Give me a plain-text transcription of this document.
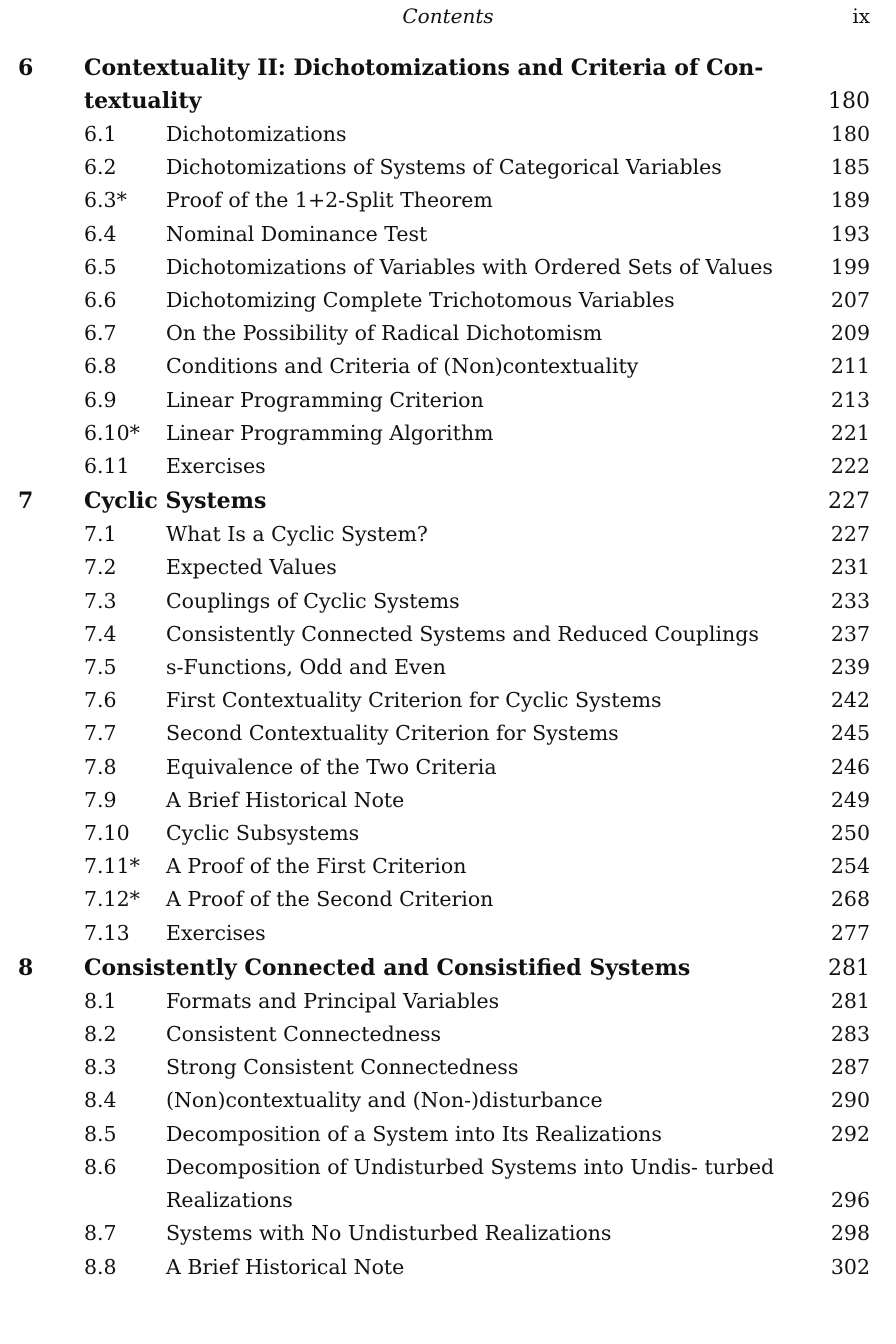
Contents	ix
6 Contextuality II: Dichotomizations and Criteria of Con- textuality	180
6.1 Dichotomizations	180
6.2 Dichotomizations of Systems of Categorical Variables	185
6.3* Proof of the 1+2-Split Theorem	189
6.4 Nominal Dominance Test	193
6.5 Dichotomizations of Variables with Ordered Sets of Values	199
6.6 Dichotomizing Complete Trichotomous Variables	207
6.7 On the Possibility of Radical Dichotomism	209
6.8 Conditions and Criteria of (Non)contextuality	211
6.9 Linear Programming Criterion	213
6.10* Linear Programming Algorithm	221
6.11 Exercises	222
7 Cyclic Systems	227
7.1 What Is a Cyclic System?	227
7.2 Expected Values	231
7.3 Couplings of Cyclic Systems	233
7.4 Consistently Connected Systems and Reduced Couplings	237
7.5 s-Functions, Odd and Even	239
7.6 First Contextuality Criterion for Cyclic Systems	242
7.7 Second Contextuality Criterion for Systems	245
7.8 Equivalence of the Two Criteria	246
7.9 A Brief Historical Note	249
7.10 Cyclic Subsystems	250
7.11* A Proof of the First Criterion	254
7.12* A Proof of the Second Criterion	268
7.13 Exercises	277
8 Consistently Connected and Consistified Systems	281
8.1 Formats and Principal Variables	281
8.2 Consistent Connectedness	283
8.3 Strong Consistent Connectedness	287
8.4 (Non)contextuality and (Non-)disturbance	290
8.5 Decomposition of a System into Its Realizations	292
8.6 Decomposition of Undisturbed Systems into Undis- turbed Realizations	296
8.7 Systems with No Undisturbed Realizations	298
8.8 A Brief Historical Note	302
